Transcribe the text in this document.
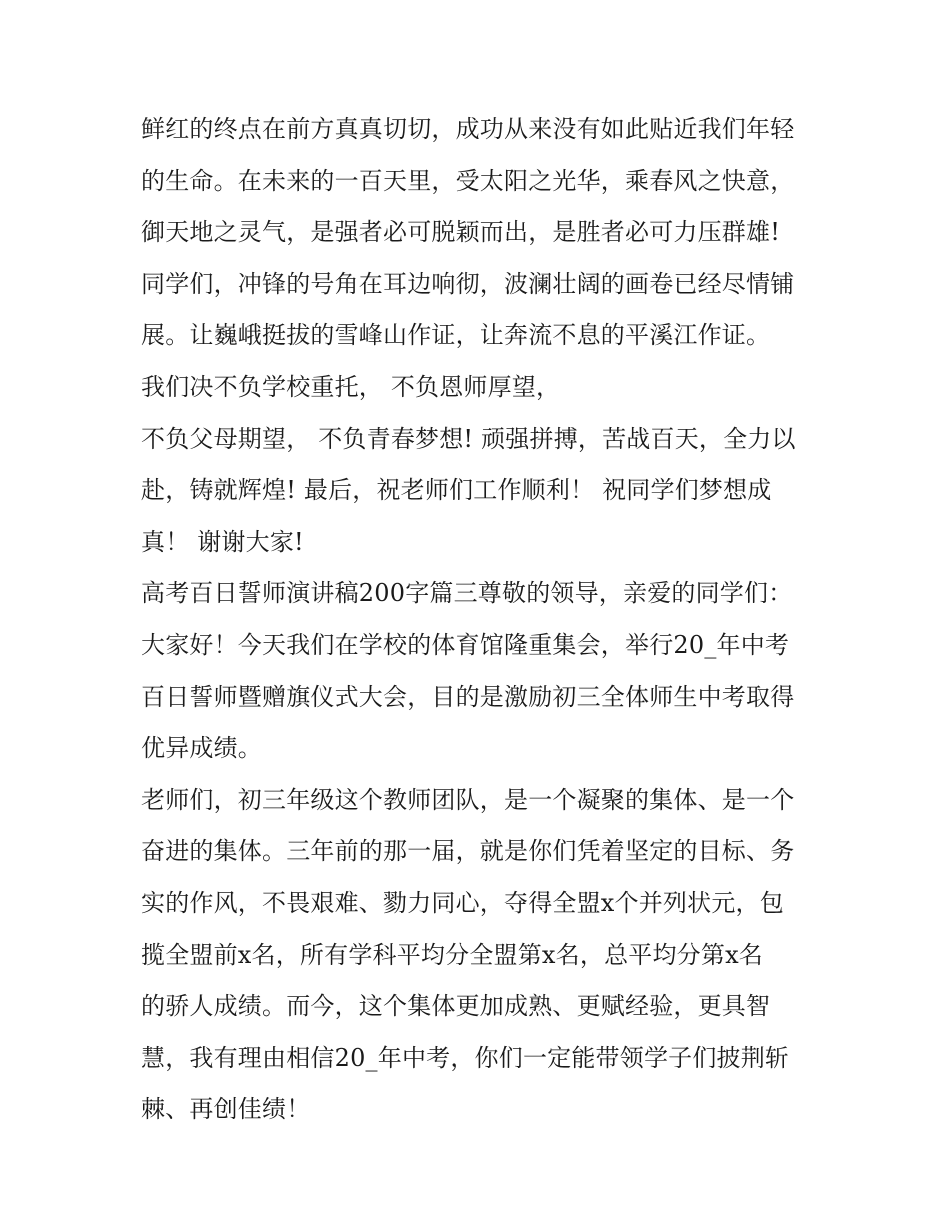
鲜红的终点在前方真真切切，成功从来没有如此贴近我们年轻
的生命。在未来的一百天里，受太阳之光华，乘春风之快意，
御天地之灵气，是强者必可脱颖而出，是胜者必可力压群雄!
同学们，冲锋的号角在耳边响彻，波澜壮阔的画卷已经尽情铺
展。让巍峨挺拔的雪峰山作证，让奔流不息的平溪江作证。
我们决不负学校重托， 不负恩师厚望，
不负父母期望， 不负青春梦想! 顽强拼搏，苦战百天，全力以
赴，铸就辉煌! 最后，祝老师们工作顺利！ 祝同学们梦想成
真！ 谢谢大家!
高考百日誓师演讲稿200字篇三尊敬的领导，亲爱的同学们：
大家好！今天我们在学校的体育馆隆重集会，举行20_年中考
百日誓师暨赠旗仪式大会，目的是激励初三全体师生中考取得
优异成绩。
老师们，初三年级这个教师团队，是一个凝聚的集体、是一个
奋进的集体。三年前的那一届，就是你们凭着坚定的目标、务
实的作风，不畏艰难、勠力同心，夺得全盟x个并列状元，包
揽全盟前x名，所有学科平均分全盟第x名，总平均分第x名
的骄人成绩。而今，这个集体更加成熟、更赋经验，更具智
慧，我有理由相信20_年中考，你们一定能带领学子们披荆斩
棘、再创佳绩！
